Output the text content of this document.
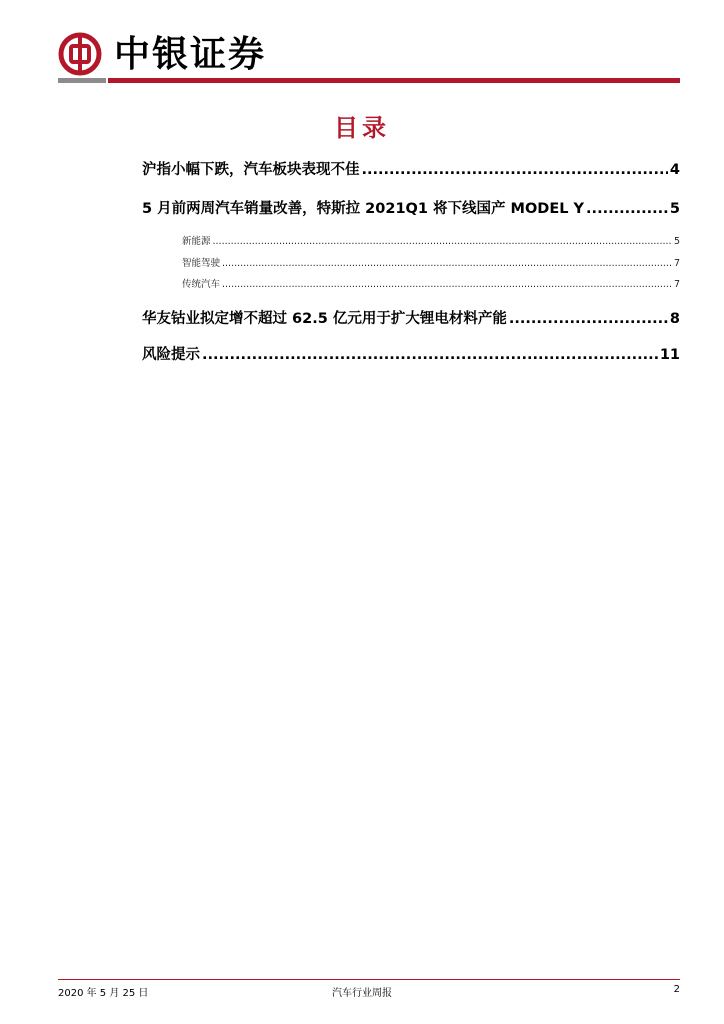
中银证券
目录
沪指小幅下跌，汽车板块表现不佳 .....	4
5 月前两周汽车销量改善，特斯拉 2021Q1 将下线国产 MODEL Y .....	5
新能源 .....	5
智能驾驶 .....	7
传统汽车 .....	7
华友钴业拟定增不超过 62.5 亿元用于扩大锂电材料产能 .....	8
风险提示 .....	11
2020 年 5 月 25 日	汽车行业周报	2
